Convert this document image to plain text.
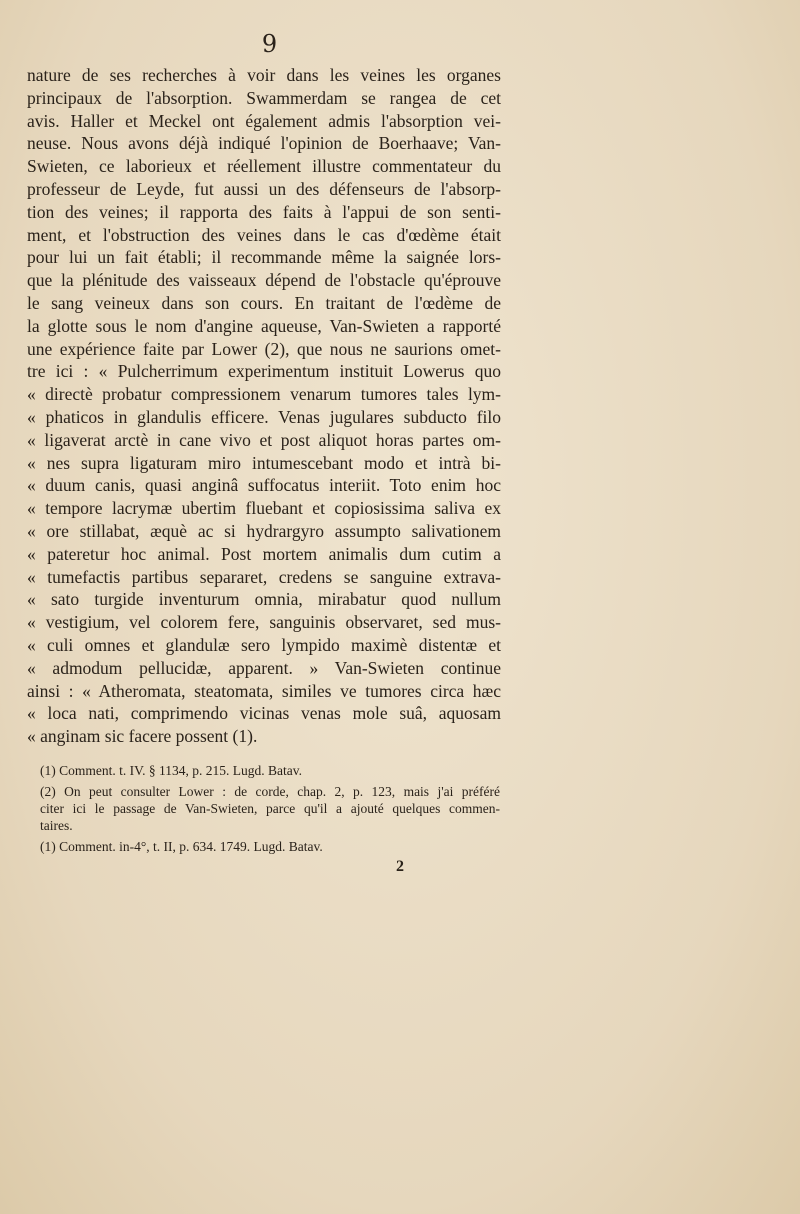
9
nature de ses recherches à voir dans les veines les organes
principaux de l'absorption. Swammerdam se rangea de cet
avis. Haller et Meckel ont également admis l'absorption vei-
neuse. Nous avons déjà indiqué l'opinion de Boerhaave; Van-
Swieten, ce laborieux et réellement illustre commentateur du
professeur de Leyde, fut aussi un des défenseurs de l'absorp-
tion des veines; il rapporta des faits à l'appui de son senti-
ment, et l'obstruction des veines dans le cas d'œdème était
pour lui un fait établi; il recommande même la saignée lors-
que la plénitude des vaisseaux dépend de l'obstacle qu'éprouve
le sang veineux dans son cours. En traitant de l'œdème de
la glotte sous le nom d'angine aqueuse, Van-Swieten a rapporté
une expérience faite par Lower (2), que nous ne saurions omet-
tre ici : « Pulcherrimum experimentum instituit Lowerus quo
« directè probatur compressionem venarum tumores tales lym-
« phaticos in glandulis efficere. Venas jugulares subducto filo
« ligaverat arctè in cane vivo et post aliquot horas partes om-
« nes supra ligaturam miro intumescebant modo et intrà bi-
« duum canis, quasi anginâ suffocatus interiit. Toto enim hoc
« tempore lacrymæ ubertim fluebant et copiosissima saliva ex
« ore stillabat, æquè ac si hydrargyro assumpto salivationem
« pateretur hoc animal. Post mortem animalis dum cutim a
« tumefactis partibus separaret, credens se sanguine extrava-
« sato turgide inventurum omnia, mirabatur quod nullum
« vestigium, vel colorem fere, sanguinis observaret, sed mus-
« culi omnes et glandulæ sero lympido maximè distentæ et
« admodum pellucidæ, apparent. » Van-Swieten continue
ainsi : « Atheromata, steatomata, similes ve tumores circa hæc
« loca nati, comprimendo vicinas venas mole suâ, aquosam
« anginam sic facere possent (1).
(1) Comment. t. IV. § 1134, p. 215. Lugd. Batav.
(2) On peut consulter Lower : de corde, chap. 2, p. 123, mais j'ai préféré
citer ici le passage de Van-Swieten, parce qu'il a ajouté quelques commen-
taires.
(1) Comment. in-4°, t. II, p. 634. 1749. Lugd. Batav.
2
